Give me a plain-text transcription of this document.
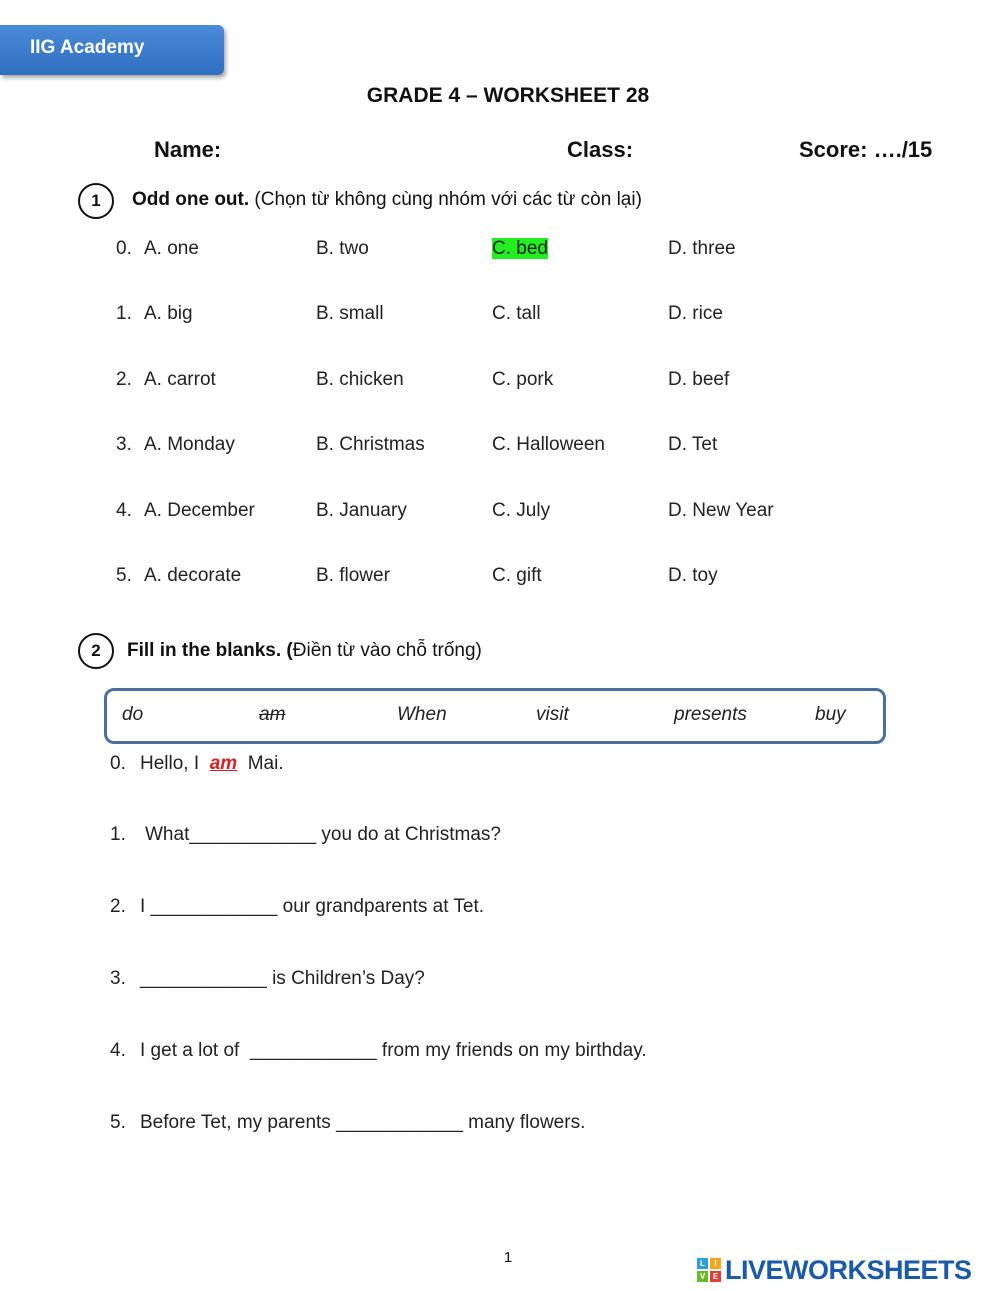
IIG Academy
GRADE 4 – WORKSHEET 28
Name:	Class:	Score: …./15
1	Odd one out. (Chọn từ không cùng nhóm với các từ còn lại)
0. A. one	B. two	C. bed	D. three
1. A. big	B. small	C. tall	D. rice
2. A. carrot	B. chicken	C. pork	D. beef
3. A. Monday	B. Christmas	C. Halloween	D. Tet
4. A. December	B. January	C. July	D. New Year
5. A. decorate	B. flower	C. gift	D. toy
2	Fill in the blanks. (Điền từ vào chỗ trống)
do	am	When	visit	presents	buy
0. Hello, I  am  Mai.
1. What____________ you do at Christmas?
2. I ____________ our grandparents at Tet.
3. ____________ is Children’s Day?
4. I get a lot of  ____________ from my friends on my birthday.
5. Before Tet, my parents ____________ many flowers.
1	L	I
V E LIVEWORKSHEETS
